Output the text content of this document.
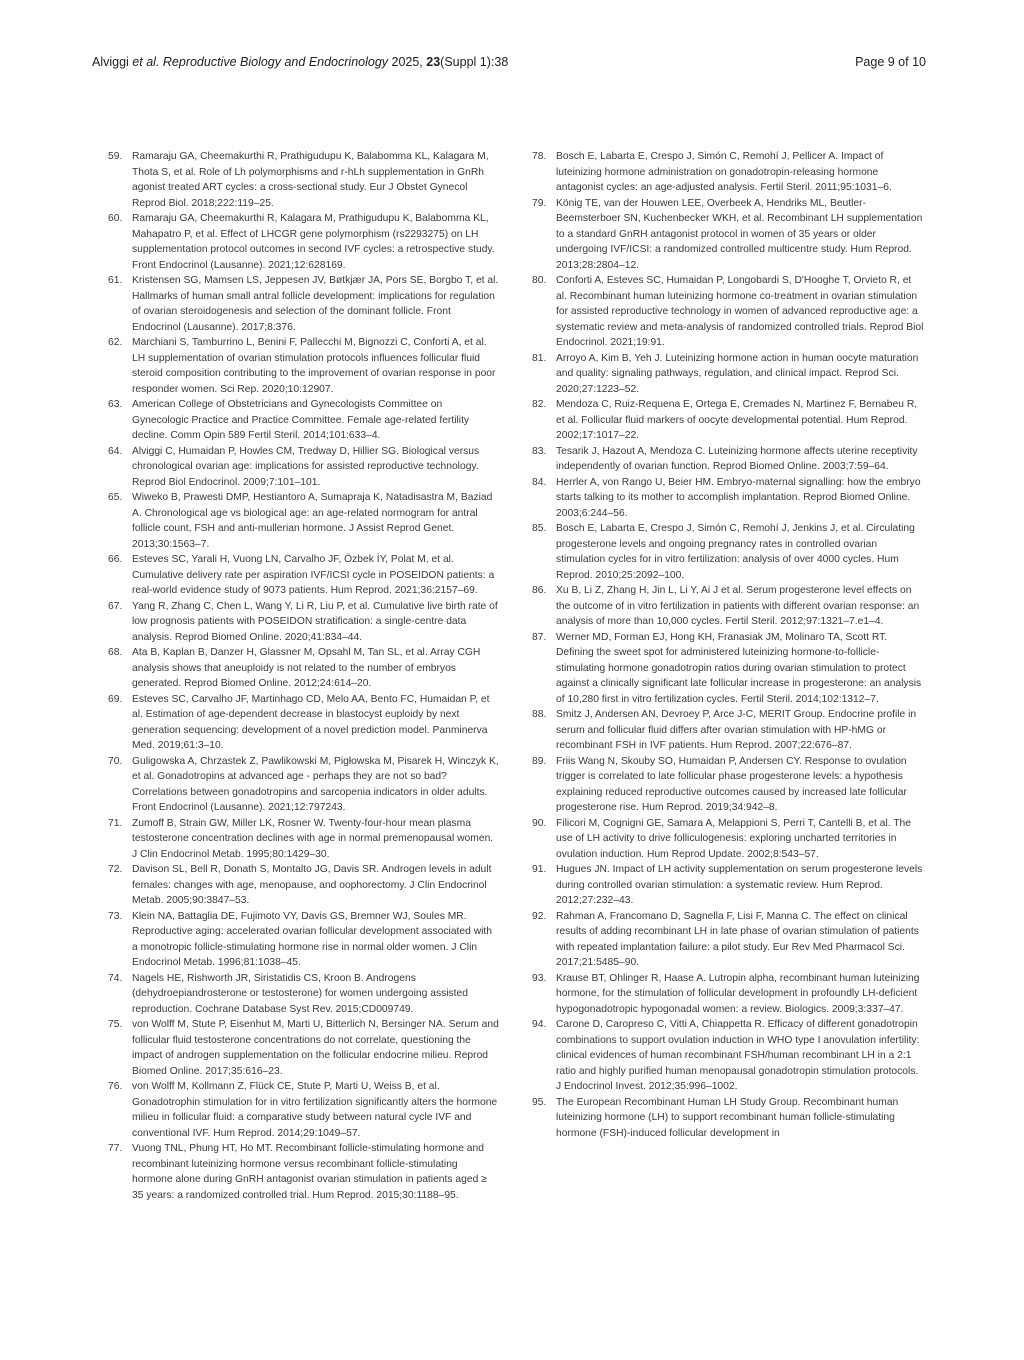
Alviggi et al. Reproductive Biology and Endocrinology 2025, 23(Suppl 1):38	Page 9 of 10
59. Ramaraju GA, Cheemakurthi R, Prathigudupu K, Balabomma KL, Kalagara M, Thota S, et al. Role of Lh polymorphisms and r-hLh supplementation in GnRh agonist treated ART cycles: a cross-sectional study. Eur J Obstet Gynecol Reprod Biol. 2018;222:119–25.
60. Ramaraju GA, Cheemakurthi R, Kalagara M, Prathigudupu K, Balabomma KL, Mahapatro P, et al. Effect of LHCGR gene polymorphism (rs2293275) on LH supplementation protocol outcomes in second IVF cycles: a retrospective study. Front Endocrinol (Lausanne). 2021;12:628169.
61. Kristensen SG, Mamsen LS, Jeppesen JV, Bøtkjær JA, Pors SE, Borgbo T, et al. Hallmarks of human small antral follicle development: implications for regulation of ovarian steroidogenesis and selection of the dominant follicle. Front Endocrinol (Lausanne). 2017;8:376.
62. Marchiani S, Tamburrino L, Benini F, Pallecchi M, Bignozzi C, Conforti A, et al. LH supplementation of ovarian stimulation protocols influences follicular fluid steroid composition contributing to the improvement of ovarian response in poor responder women. Sci Rep. 2020;10:12907.
63. American College of Obstetricians and Gynecologists Committee on Gynecologic Practice and Practice Committee. Female age-related fertility decline. Comm Opin 589 Fertil Steril. 2014;101:633–4.
64. Alviggi C, Humaidan P, Howles CM, Tredway D, Hillier SG. Biological versus chronological ovarian age: implications for assisted reproductive technology. Reprod Biol Endocrinol. 2009;7:101–101.
65. Wiweko B, Prawesti DMP, Hestiantoro A, Sumapraja K, Natadisastra M, Baziad A. Chronological age vs biological age: an age-related normogram for antral follicle count, FSH and anti-mullerian hormone. J Assist Reprod Genet. 2013;30:1563–7.
66. Esteves SC, Yarali H, Vuong LN, Carvalho JF, Özbek İY, Polat M, et al. Cumulative delivery rate per aspiration IVF/ICSI cycle in POSEIDON patients: a real-world evidence study of 9073 patients. Hum Reprod. 2021;36:2157–69.
67. Yang R, Zhang C, Chen L, Wang Y, Li R, Liu P, et al. Cumulative live birth rate of low prognosis patients with POSEIDON stratification: a single-centre data analysis. Reprod Biomed Online. 2020;41:834–44.
68. Ata B, Kaplan B, Danzer H, Glassner M, Opsahl M, Tan SL, et al. Array CGH analysis shows that aneuploidy is not related to the number of embryos generated. Reprod Biomed Online. 2012;24:614–20.
69. Esteves SC, Carvalho JF, Martinhago CD, Melo AA, Bento FC, Humaidan P, et al. Estimation of age-dependent decrease in blastocyst euploidy by next generation sequencing: development of a novel prediction model. Panminerva Med. 2019;61:3–10.
70. Guligowska A, Chrzastek Z, Pawlikowski M, Pigłowska M, Pisarek H, Winczyk K, et al. Gonadotropins at advanced age - perhaps they are not so bad? Correlations between gonadotropins and sarcopenia indicators in older adults. Front Endocrinol (Lausanne). 2021;12:797243.
71. Zumoff B, Strain GW, Miller LK, Rosner W. Twenty-four-hour mean plasma testosterone concentration declines with age in normal premenopausal women. J Clin Endocrinol Metab. 1995;80:1429–30.
72. Davison SL, Bell R, Donath S, Montalto JG, Davis SR. Androgen levels in adult females: changes with age, menopause, and oophorectomy. J Clin Endocrinol Metab. 2005;90:3847–53.
73. Klein NA, Battaglia DE, Fujimoto VY, Davis GS, Bremner WJ, Soules MR. Reproductive aging: accelerated ovarian follicular development associated with a monotropic follicle-stimulating hormone rise in normal older women. J Clin Endocrinol Metab. 1996;81:1038–45.
74. Nagels HE, Rishworth JR, Siristatidis CS, Kroon B. Androgens (dehydroepiandrosterone or testosterone) for women undergoing assisted reproduction. Cochrane Database Syst Rev. 2015;CD009749.
75. von Wolff M, Stute P, Eisenhut M, Marti U, Bitterlich N, Bersinger NA. Serum and follicular fluid testosterone concentrations do not correlate, questioning the impact of androgen supplementation on the follicular endocrine milieu. Reprod Biomed Online. 2017;35:616–23.
76. von Wolff M, Kollmann Z, Flück CE, Stute P, Marti U, Weiss B, et al. Gonadotrophin stimulation for in vitro fertilization significantly alters the hormone milieu in follicular fluid: a comparative study between natural cycle IVF and conventional IVF. Hum Reprod. 2014;29:1049–57.
77. Vuong TNL, Phung HT, Ho MT. Recombinant follicle-stimulating hormone and recombinant luteinizing hormone versus recombinant follicle-stimulating hormone alone during GnRH antagonist ovarian stimulation in patients aged ≥ 35 years: a randomized controlled trial. Hum Reprod. 2015;30:1188–95.
78. Bosch E, Labarta E, Crespo J, Simón C, Remohí J, Pellicer A. Impact of luteinizing hormone administration on gonadotropin-releasing hormone antagonist cycles: an age-adjusted analysis. Fertil Steril. 2011;95:1031–6.
79. König TE, van der Houwen LEE, Overbeek A, Hendriks ML, Beutler-Beemsterboer SN, Kuchenbecker WKH, et al. Recombinant LH supplementation to a standard GnRH antagonist protocol in women of 35 years or older undergoing IVF/ICSI: a randomized controlled multicentre study. Hum Reprod. 2013;28:2804–12.
80. Conforti A, Esteves SC, Humaidan P, Longobardi S, D'Hooghe T, Orvieto R, et al. Recombinant human luteinizing hormone co-treatment in ovarian stimulation for assisted reproductive technology in women of advanced reproductive age: a systematic review and meta-analysis of randomized controlled trials. Reprod Biol Endocrinol. 2021;19:91.
81. Arroyo A, Kim B, Yeh J. Luteinizing hormone action in human oocyte maturation and quality: signaling pathways, regulation, and clinical impact. Reprod Sci. 2020;27:1223–52.
82. Mendoza C, Ruiz-Requena E, Ortega E, Cremades N, Martinez F, Bernabeu R, et al. Follicular fluid markers of oocyte developmental potential. Hum Reprod. 2002;17:1017–22.
83. Tesarik J, Hazout A, Mendoza C. Luteinizing hormone affects uterine receptivity independently of ovarian function. Reprod Biomed Online. 2003;7:59–64.
84. Herrler A, von Rango U, Beier HM. Embryo-maternal signalling: how the embryo starts talking to its mother to accomplish implantation. Reprod Biomed Online. 2003;6:244–56.
85. Bosch E, Labarta E, Crespo J, Simón C, Remohí J, Jenkins J, et al. Circulating progesterone levels and ongoing pregnancy rates in controlled ovarian stimulation cycles for in vitro fertilization: analysis of over 4000 cycles. Hum Reprod. 2010;25:2092–100.
86. Xu B, Li Z, Zhang H, Jin L, Li Y, Ai J et al. Serum progesterone level effects on the outcome of in vitro fertilization in patients with different ovarian response: an analysis of more than 10,000 cycles. Fertil Steril. 2012;97:1321–7.e1–4.
87. Werner MD, Forman EJ, Hong KH, Franasiak JM, Molinaro TA, Scott RT. Defining the sweet spot for administered luteinizing hormone-to-follicle-stimulating hormone gonadotropin ratios during ovarian stimulation to protect against a clinically significant late follicular increase in progesterone: an analysis of 10,280 first in vitro fertilization cycles. Fertil Steril. 2014;102:1312–7.
88. Smitz J, Andersen AN, Devroey P, Arce J-C, MERIT Group. Endocrine profile in serum and follicular fluid differs after ovarian stimulation with HP-hMG or recombinant FSH in IVF patients. Hum Reprod. 2007;22:676–87.
89. Friis Wang N, Skouby SO, Humaidan P, Andersen CY. Response to ovulation trigger is correlated to late follicular phase progesterone levels: a hypothesis explaining reduced reproductive outcomes caused by increased late follicular progesterone rise. Hum Reprod. 2019;34:942–8.
90. Filicori M, Cognigni GE, Samara A, Melappioni S, Perri T, Cantelli B, et al. The use of LH activity to drive folliculogenesis: exploring uncharted territories in ovulation induction. Hum Reprod Update. 2002;8:543–57.
91. Hugues JN. Impact of LH activity supplementation on serum progesterone levels during controlled ovarian stimulation: a systematic review. Hum Reprod. 2012;27:232–43.
92. Rahman A, Francomano D, Sagnella F, Lisi F, Manna C. The effect on clinical results of adding recombinant LH in late phase of ovarian stimulation of patients with repeated implantation failure: a pilot study. Eur Rev Med Pharmacol Sci. 2017;21:5485–90.
93. Krause BT, Ohlinger R, Haase A. Lutropin alpha, recombinant human luteinizing hormone, for the stimulation of follicular development in profoundly LH-deficient hypogonadotropic hypogonadal women: a review. Biologics. 2009;3:337–47.
94. Carone D, Caropreso C, Vitti A, Chiappetta R. Efficacy of different gonadotropin combinations to support ovulation induction in WHO type I anovulation infertility: clinical evidences of human recombinant FSH/human recombinant LH in a 2:1 ratio and highly purified human menopausal gonadotropin stimulation protocols. J Endocrinol Invest. 2012;35:996–1002.
95. The European Recombinant Human LH Study Group. Recombinant human luteinizing hormone (LH) to support recombinant human follicle-stimulating hormone (FSH)-induced follicular development in
